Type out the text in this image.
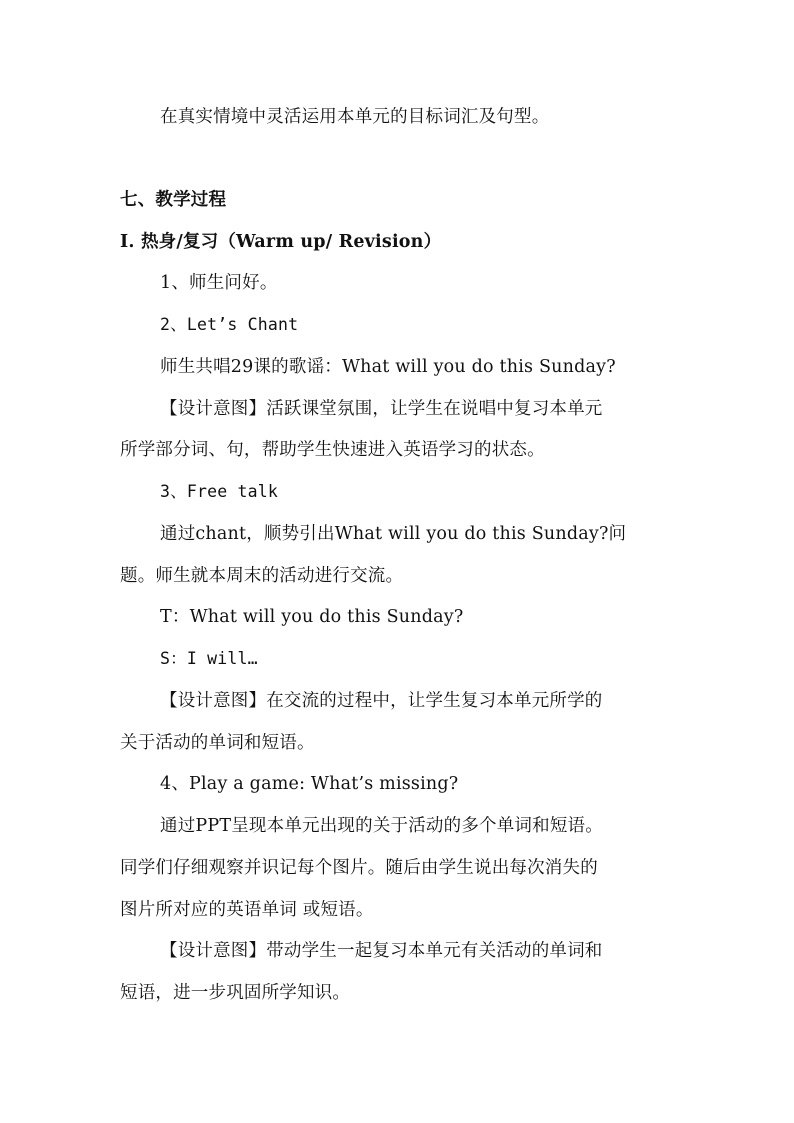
在真实情境中灵活运用本单元的目标词汇及句型。
七、教学过程
I. 热身/复习（Warm up/ Revision）
1、师生问好。
2、Let’s Chant
师生共唱29课的歌谣：What will you do this Sunday?
【设计意图】活跃课堂氛围，让学生在说唱中复习本单元
所学部分词、句，帮助学生快速进入英语学习的状态。
3、Free talk
通过chant，顺势引出What will you do this Sunday?问
题。师生就本周末的活动进行交流。
T：What will you do this Sunday?
S：I will…
【设计意图】在交流的过程中，让学生复习本单元所学的
关于活动的单词和短语。
4、Play a game: What’s missing?
通过PPT呈现本单元出现的关于活动的多个单词和短语。
同学们仔细观察并识记每个图片。随后由学生说出每次消失的
图片所对应的英语单词 或短语。
【设计意图】带动学生一起复习本单元有关活动的单词和
短语，进一步巩固所学知识。
